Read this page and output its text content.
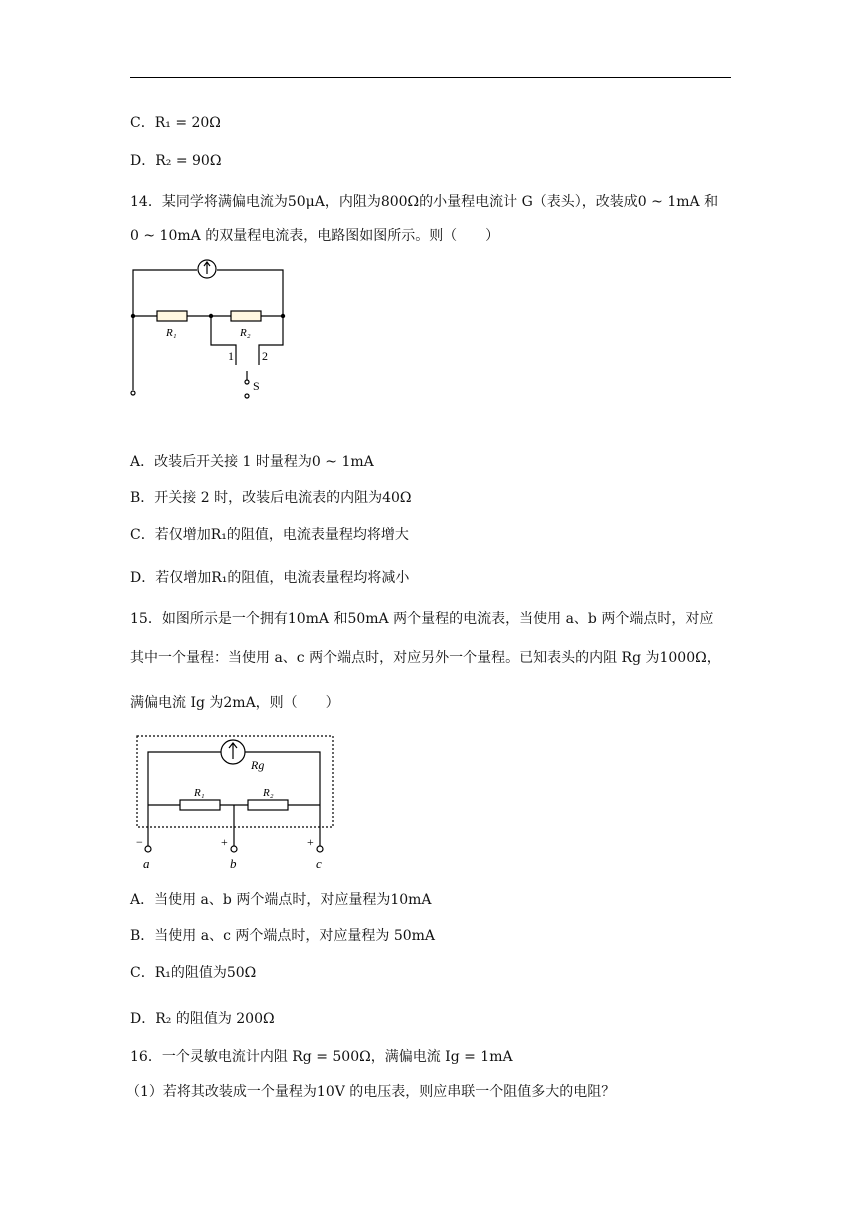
C．R₁ = 20Ω
D．R₂ = 90Ω
14．某同学将满偏电流为50μA，内阻为800Ω的小量程电流计 G（表头），改装成0 ~ 1mA 和
0 ~ 10mA 的双量程电流表，电路图如图所示。则（　　）
R₁	R₂
1 2
S
A．改装后开关接 1 时量程为0 ~ 1mA
B．开关接 2 时，改装后电流表的内阻为40Ω
C．若仅增加R₁的阻值，电流表量程均将增大
D．若仅增加R₁的阻值，电流表量程均将减小
15．如图所示是一个拥有10mA 和50mA 两个量程的电流表，当使用 a、b 两个端点时，对应
其中一个量程：当使用 a、c 两个端点时，对应另外一个量程。已知表头的内阻 Rg 为1000Ω，
满偏电流 Ig 为2mA，则（　　）
Rg
R₁	R₂
−	+	+
a	b	c
A．当使用 a、b 两个端点时，对应量程为10mA
B．当使用 a、c 两个端点时，对应量程为 50mA
C．R₁的阻值为50Ω
D．R₂ 的阻值为 200Ω
16．一个灵敏电流计内阻 Rg = 500Ω，满偏电流 Ig = 1mA
（1）若将其改装成一个量程为10V 的电压表，则应串联一个阻值多大的电阻？
